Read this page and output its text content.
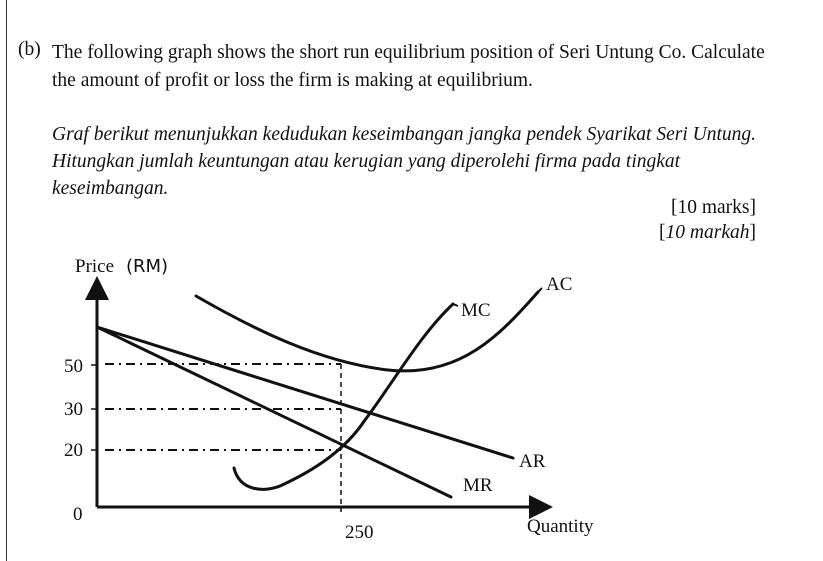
(b) The following graph shows the short run equilibrium position of Seri Untung Co. Calculate the amount of profit or loss the firm is making at equilibrium.
Graf berikut menunjukkan kedudukan keseimbangan jangka pendek Syarikat Seri Untung. Hitungkan jumlah keuntungan atau kerugian yang diperolehi firma pada tingkat keseimbangan.
[10 marks]
[10 markah]
Price (RM)
Quantity
0
50
30
20
250
AC
MC
AR
MR
